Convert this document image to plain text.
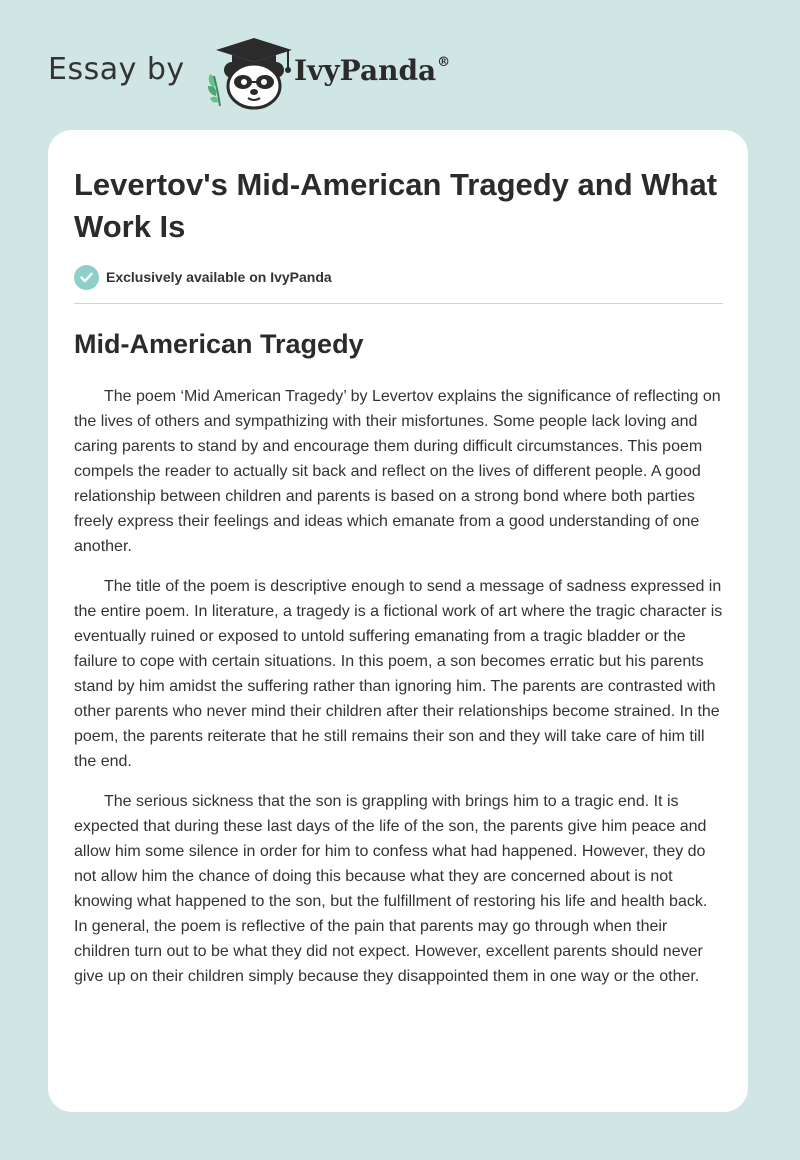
Essay by	IvyPanda®
Levertov's Mid-American Tragedy and What Work Is
Exclusively available on IvyPanda
Mid-American Tragedy

The poem ‘Mid American Tragedy’ by Levertov explains the significance of reflecting on the lives of others and sympathizing with their misfortunes. Some people lack loving and caring parents to stand by and encourage them during difficult circumstances. This poem compels the reader to actually sit back and reflect on the lives of different people. A good relationship between children and parents is based on a strong bond where both parties freely express their feelings and ideas which emanate from a good understanding of one another.

The title of the poem is descriptive enough to send a message of sadness expressed in the entire poem. In literature, a tragedy is a fictional work of art where the tragic character is eventually ruined or exposed to untold suffering emanating from a tragic bladder or the failure to cope with certain situations. In this poem, a son becomes erratic but his parents stand by him amidst the suffering rather than ignoring him. The parents are contrasted with other parents who never mind their children after their relationships become strained. In the poem, the parents reiterate that he still remains their son and they will take care of him till the end.

The serious sickness that the son is grappling with brings him to a tragic end. It is expected that during these last days of the life of the son, the parents give him peace and allow him some silence in order for him to confess what had happened. However, they do not allow him the chance of doing this because what they are concerned about is not knowing what happened to the son, but the fulfillment of restoring his life and health back. In general, the poem is reflective of the pain that parents may go through when their children turn out to be what they did not expect. However, excellent parents should never give up on their children simply because they disappointed them in one way or the other.
